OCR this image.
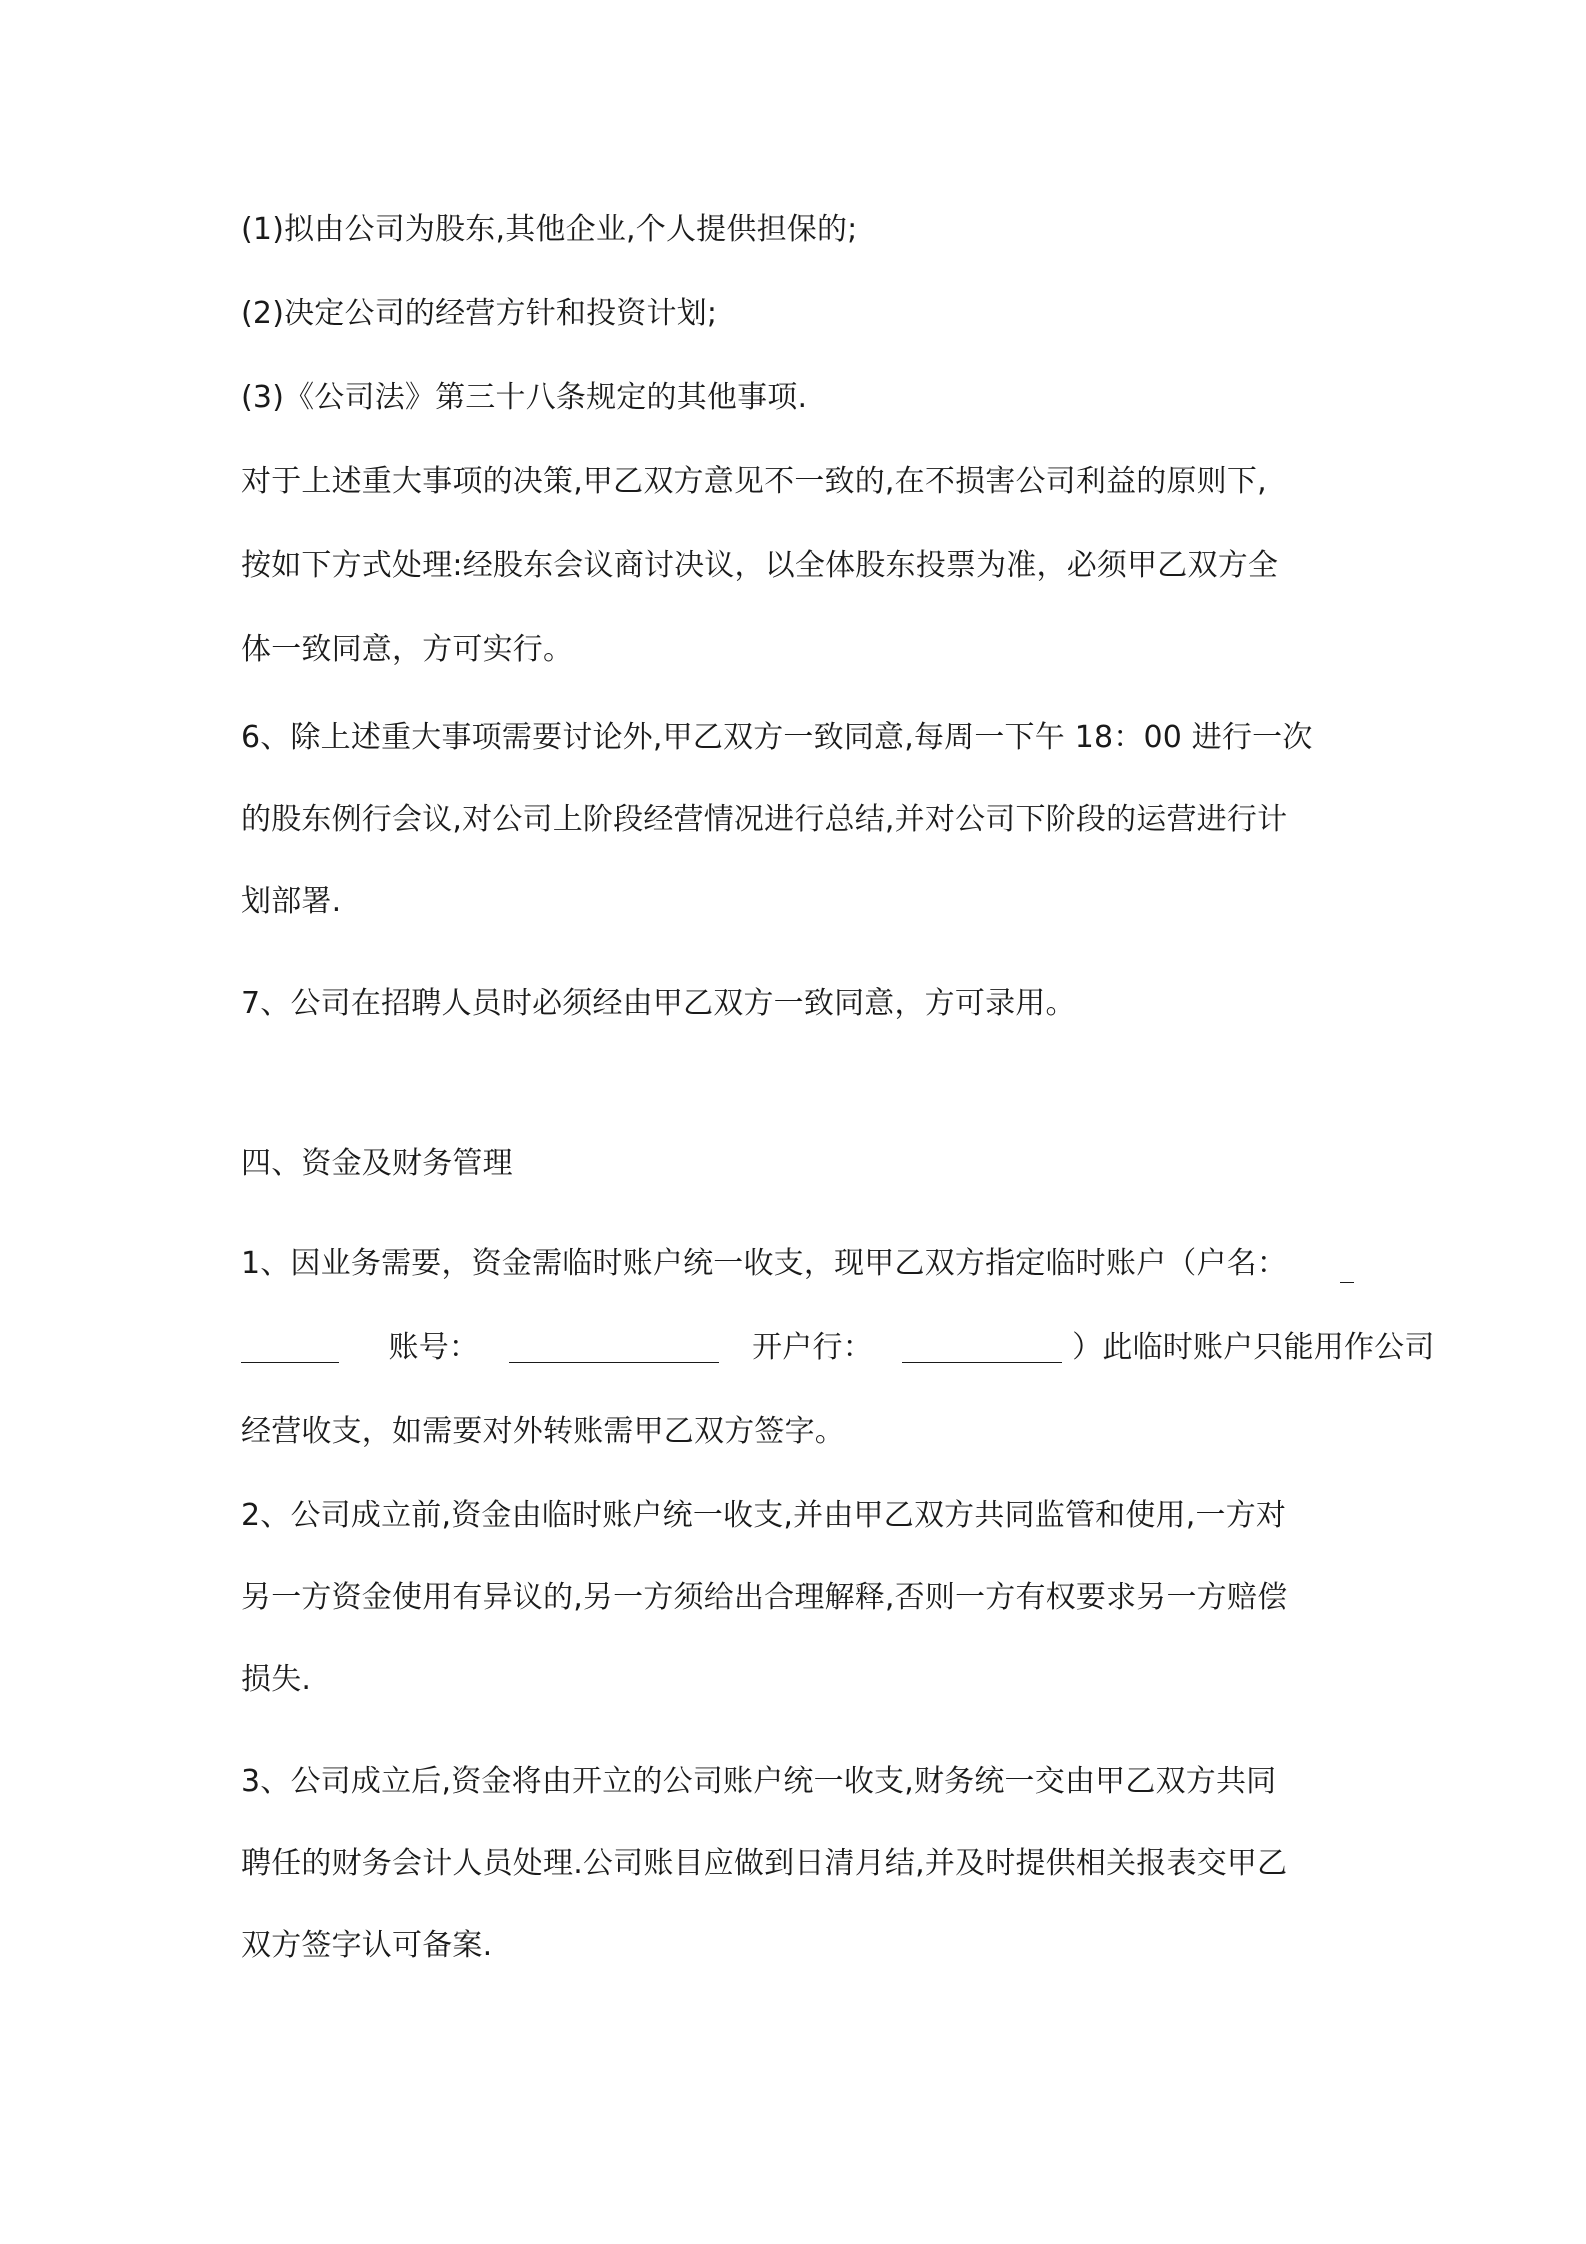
(1)拟由公司为股东,其他企业,个人提供担保的;

(2)决定公司的经营方针和投资计划;

(3)《公司法》第三十八条规定的其他事项.

对于上述重大事项的决策,甲乙双方意见不一致的,在不损害公司利益的原则下,

按如下方式处理:经股东会议商讨决议，以全体股东投票为准，必须甲乙双方全

体一致同意，方可实行。

6、除上述重大事项需要讨论外,甲乙双方一致同意,每周一下午 18：00 进行一次

的股东例行会议,对公司上阶段经营情况进行总结,并对公司下阶段的运营进行计

划部署.

7、公司在招聘人员时必须经由甲乙双方一致同意，方可录用。

四、资金及财务管理

1、因业务需要，资金需临时账户统一收支，现甲乙双方指定临时账户（户名：

账号：	开户行：	）此临时账户只能用作公司

经营收支，如需要对外转账需甲乙双方签字。

2、公司成立前,资金由临时账户统一收支,并由甲乙双方共同监管和使用,一方对

另一方资金使用有异议的,另一方须给出合理解释,否则一方有权要求另一方赔偿

损失.

3、公司成立后,资金将由开立的公司账户统一收支,财务统一交由甲乙双方共同

聘任的财务会计人员处理.公司账目应做到日清月结,并及时提供相关报表交甲乙

双方签字认可备案.
